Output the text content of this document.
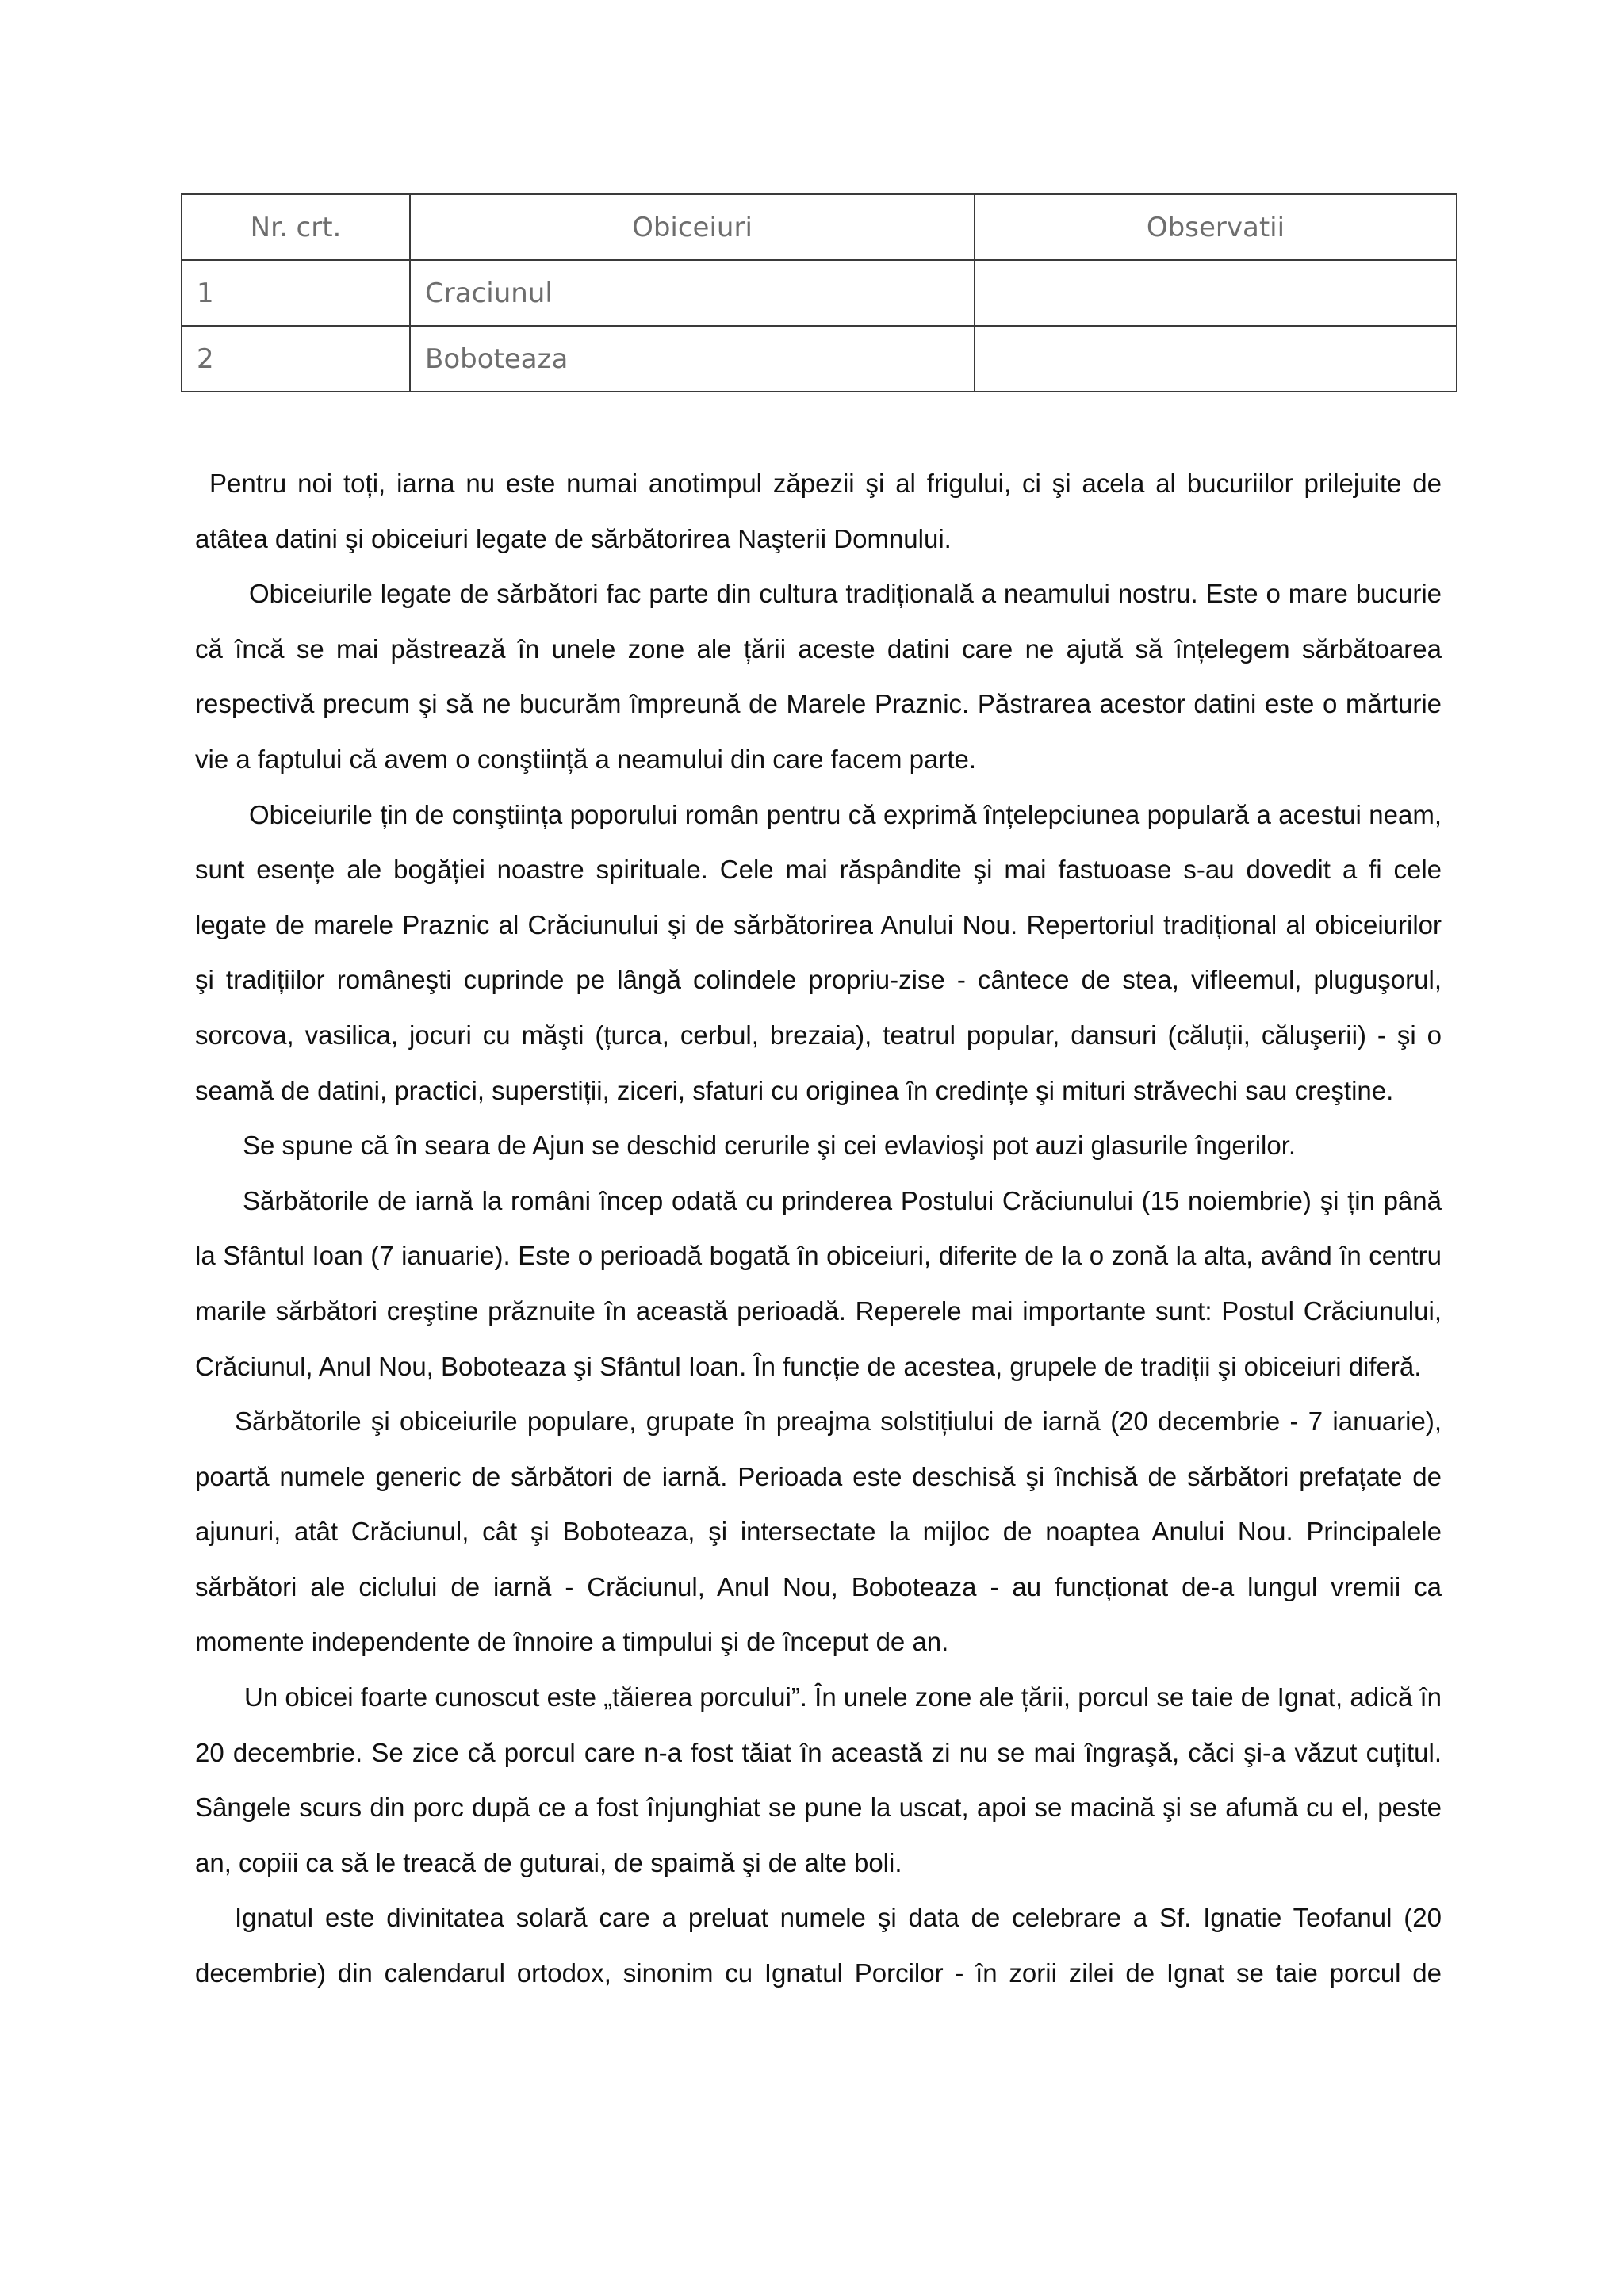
Nr. crt.	Obiceiuri	Observatii
1	Craciunul	
2	Boboteaza	

Pentru noi toți, iarna nu este numai anotimpul zăpezii şi al frigului, ci şi acela al bucuriilor prilejuite de atâtea datini şi obiceiuri legate de sărbătorirea Naşterii Domnului.

Obiceiurile legate de sărbători fac parte din cultura tradițională a neamului nostru. Este o mare bucurie că încă se mai păstrează în unele zone ale țării aceste datini care ne ajută să înțelegem sărbătoarea respectivă precum şi să ne bucurăm împreună de Marele Praznic. Păstrarea acestor datini este o mărturie vie a faptului că avem o conştiință a neamului din care facem parte.

Obiceiurile țin de conştiința poporului român pentru că exprimă înțelepciunea populară a acestui neam, sunt esențe ale bogăției noastre spirituale. Cele mai răspândite şi mai fastuoase s-au dovedit a fi cele legate de marele Praznic al Crăciunului şi de sărbătorirea Anului Nou. Repertoriul tradițional al obiceiurilor şi tradițiilor româneşti cuprinde pe lângă colindele propriu-zise - cântece de stea, vifleemul, pluguşorul, sorcova, vasilica, jocuri cu măşti (țurca, cerbul, brezaia), teatrul popular, dansuri (căluții, căluşerii) - şi o seamă de datini, practici, superstiții, ziceri, sfaturi cu originea în credințe şi mituri străvechi sau creştine.

Se spune că în seara de Ajun se deschid cerurile şi cei evlavioşi pot auzi glasurile îngerilor.

Sărbătorile de iarnă la români încep odată cu prinderea Postului Crăciunului (15 noiembrie) şi țin până la Sfântul Ioan (7 ianuarie). Este o perioadă bogată în obiceiuri, diferite de la o zonă la alta, având în centru marile sărbători creştine prăznuite în această perioadă. Reperele mai importante sunt: Postul Crăciunului, Crăciunul, Anul Nou, Boboteaza şi Sfântul Ioan. În funcție de acestea, grupele de tradiții şi obiceiuri diferă.

Sărbătorile şi obiceiurile populare, grupate în preajma solstițiului de iarnă (20 decembrie - 7 ianuarie), poartă numele generic de sărbători de iarnă. Perioada este deschisă şi închisă de sărbători prefațate de ajunuri, atât Crăciunul, cât şi Boboteaza, şi intersectate la mijloc de noaptea Anului Nou. Principalele sărbători ale ciclului de iarnă - Crăciunul, Anul Nou, Boboteaza - au funcționat de-a lungul vremii ca momente independente de înnoire a timpului şi de început de an.

Un obicei foarte cunoscut este „tăierea porcului”. În unele zone ale țării, porcul se taie de Ignat, adică în 20 decembrie. Se zice că porcul care n-a fost tăiat în această zi nu se mai îngraşă, căci şi-a văzut cuțitul. Sângele scurs din porc după ce a fost înjunghiat se pune la uscat, apoi se macină şi se afumă cu el, peste an, copiii ca să le treacă de guturai, de spaimă şi de alte boli.

Ignatul este divinitatea solară care a preluat numele şi data de celebrare a Sf. Ignatie Teofanul (20 decembrie) din calendarul ortodox, sinonim cu Ignatul Porcilor - în zorii zilei de Ignat se taie porcul de
